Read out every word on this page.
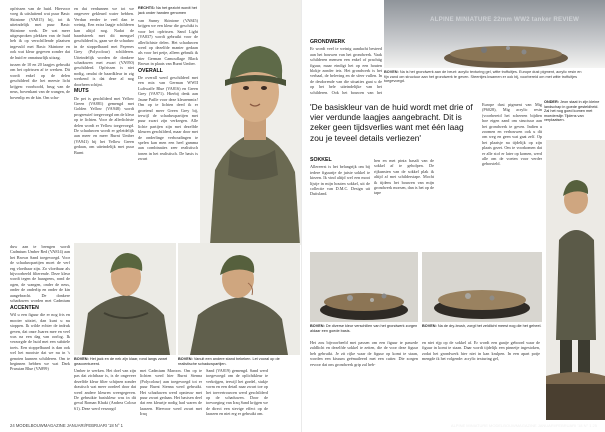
opfrissen van de huid. Hiervoor voeg ik uitsluitend wat puur Basic Skintone (VA815) bij, tot ik uiteindelijk met puur Basic Skintone werk. De wat meer uitgesproken plekken van de huid heb ik op verschillende plaatsen ingevuld met Basic Skintone en ook wat kleur gegeven zonder dat de huid er onnatuurlijk uitzag.

tussen de 10 en 20 laagjes gebruikt om het opfrissen af te werken. Dit wordt enkel op de delen geschilderd die het meeste licht krijgen: voorhoofd, brug van de neus, bovenkant van de wangen, de bovenlip en de kin. Om scha-

en dat verdunnen we tot we ongeveer gekleurd water hebben. Verdun eerder te veel dan te weinig. Een extra laagje schilderen kan altijd nog. Nadat de baardstreek met dit mengsel geschilderd is, gaan we de schaduw in de stoppelbaard met Payenes Grey (Polycolour) schilderen. Uiteindelijk worden de donkere schaduwen met zwart (VA950) geschilderd. Opfrissen is niet nodig, omdat de baardkleur in zig werkend is dat deze al nog doorheen schijnt.

MUTS

De pet is geschilderd met Yellow Green (VA881) gemengd met Golden Yellow (VA948) wordt progressief toegevoegd om de kleur op te lichten. Voor de allerlichtste delen wordt er Yellow toegevoegd. De schaduwen wordt er geleidelijk aan meer en meer Burnt Umber (VA941) bij het Yellow Green gedaan, om uiteindelijk met puur Burnt

RECHTS: Na het gezicht wordt het jack onder handen genomen

van Sunny Skintone (VA845) krijgen we een kleur die geschikt is voor het opfrissen. Sand Light (VA837) wordt gebruikt voor de allerlichtste delen. Het schaduwen werd op dezelfde manier gedaan als voor het petje, alleen gebruik ik hier German Camouflage Black Brown in plaats van Burnt Umber.

OVERALL

De overall werd geschilderd met een mix van German WWII Luftwaffe Blue (VA816) en Green Grey (VA971). Hierbij denk aan Jaune Paille voor deze kleurenmix! Om op te lichten deed ik er groeiend meer Green Grey bij, terwijl de schaduwpartijen met puur zwart zijn verkregen. Alle lichte partijen zijn met dezelfde kleuren geschilderd, maar door met de onderlinge verhoudingen te spelen kan men een heel gamma aan combinaties zeer realistisch tonen in het realistisch. De basis is zwart

duw aan te brengen wordt Cadmium Umber Red (VA814) aan het Brown Sand toegevoegd. Voor de schaduwpartijen moet de verf erg vloeibaar zijn. Zo vloeibaar als bijvoorbeeld filterende. Deze kleur wordt tegen de haargrens, rond de ogen, de wangen, onder de neus, onder de onderlip en onder de kin aangebracht. De donkere schaduwen worden met Cadmium

ACCENTEN

Wil u een figuur die er nog fris en mooier uitziet, dan kunt u nu stoppen. Ik wilde echter de indruk geven, dat onze Juarez mee en veel was na een dag van oorlog. Ik verzorgde de huid met een subtiele toets. Een stoppelbaard is dan ook wel het mooiste dat we nu in 's genoten kunnen schilderen. Om te beginnen hebben we wat Dark Prussian Blue (VA899)

BOVEN: Het jack en de nek zijn klaar, rond langs zwart geaccentueerd.
BOVEN: Vanuit een andere stand bekeken. Let vooral op de realistische schaduwpartijen.

Umber te werken. Het doel van zijn pas dat zichtbaar is, is de ongeveer dezelfde kleur filter schijnen zonder drastisch wat meer oordeel door dat werd andere kleuren weergegeven. De gebruikte basiskleur was in dit geval Roman Khaki (Andrea Colour 61). Deze werd verzorgd

met Cadmium Maroon. Om op te lichten werd hier Burnt Sienna (Polycolour) aan toegevoegd tot er puur Burnt Sienna werd gebruikt. Het schaduwen werd opnieuw met puur zwart gedaan. Het basisen deel dat een kleurtje nodig had waren de laarzen. Hiervoor werd zwart met Iraq

Sand (VA819) gemengd. Sand werd toegevoegd om de oplichtkleur te verkrijgen, terwijl het gordel, stukje vorm en een detail naar zwart toe op het toevertrouwen werd geschilderd op de schaduwen. Door de toevoeging van Iraq Sand krijgen we de direct een stevige effect op de laarzen en niet erg er gebruikt om.

24 MODELBOUWMAGAZINE JANUARI/FEBRUARI '18 N° 1
ALPINE MINIATURE 22mm WW2 tanker REVIEW
GRONDWERK

Er wordt veel te weinig aandacht besteed aan het bouwen van het grondwerk. Vaak schilderen mensen een enkel of prachtig figuur, maar eindigt het op een houten blokje zonder iets. Het grondwerk is het verhaal, de beleving en de sfeer vullen. In de desdorende van die situaties gaat u de op het hele uiteindelijke van het schilderen. Ook het bouwen van het

BOVEN: Na is het grondwerk aan de beurt: acrylic texturing gel, witte troffuitjes. Europe dust pigment, acrylic resin en fijn zand om structuur aan het grondwerk te geven. Steentjes kwamen er ook bij, voorbereid om met witte troffuitjes toegevoegd.
'De basiskleur van de huid wordt met drie of vier verdunde laagjes aangebracht. Dit is zeker geen tijdsverlies want met één laag zou je teveel details verliezen'
SOKKEL

Allereerst is het belangrijk om bij iedere figuurtje de juiste sokkel te kiezen. Ik vind altijd wel een mooi lijstje in mijn houten sokkel, uit de collectie van D.M.C. Design uit Duitsland.

hen en met pinta basalt van de sokkel af te geholpen. De rijkunsten van de sokkel plak ik altijd af met schilderstape. Mocht ik tijdens het bouwen van mijn grondwerk morsen, dan is het op de tape

Europe dust pigment van Mig (P6028), Mig acrylic resin (voorbereid het scheeren bijdien hoe eigen zand om structuur aan het grondwerk te geven. Indien u zoomen en verhouwen ook u dit om weg en geen wat gaat zelf. Op het plaatsje na tijdelijk op zijn plaats gezet. Om te voorkomen dat er alle stof er later op komen, werd alle om de voeten voor verder geborsteld.

ONDER: Jeon staat in zijn kleine landschap in goede gesteldheid. Zal het nog goed komen met moederslijn Tijdens van verplaatsen.
BOVEN: De diverse kleur verschillen van het grondwerk zorgen aldaar een goede basis.
BOVEN: Na de dry-brush, zorgt het zeldlicht meest nog die het geheel.

Het zou bijvoorbeeld met passen om een figuur te passede zaldlicht en dezelfde sokkel te zetten, die de voor deze figuur heb gebruikt. Je zit rijke waar de figuur op komt te staan, worden een kissum geëmaileerd met een cutter. Die zorgen ervoor dat ons grondwerk grip zal heb-

en niet rijp op de sokkel af. Er wordt een gaatje geboord waar de figuur in komt te staan. Daar wordt tijdelijk een pinnetje ingestoken, zodat het grondwerk hier niet in kan krulpen. In een apart potje mengde ik het volgende: acrylic texturing gel,

ALPINE MINIATURE MODELBOUWMAGAZINE JANUARI/FEBRUARI '18 N° 1 25
